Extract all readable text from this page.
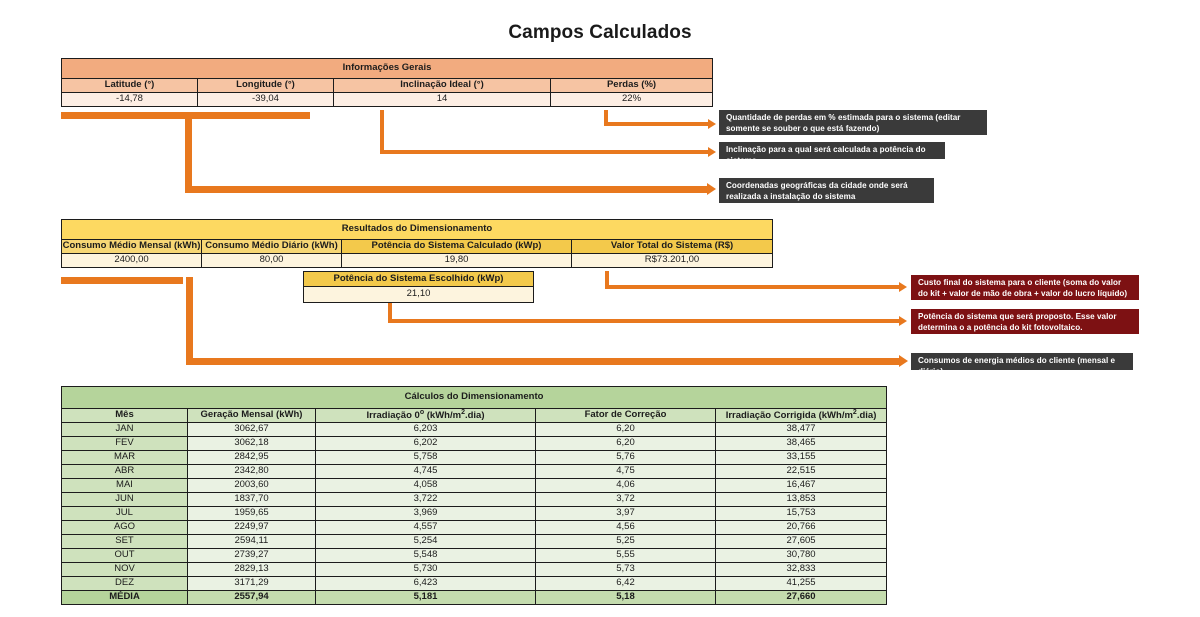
Campos Calculados
Informações Gerais			
Latitude (°)	Longitude (°)	Inclinação Ideal (°)	Perdas (%)
-14,78	-39,04	14	22%
Quantidade de perdas em % estimada para o sistema (editar somente se souber o que está fazendo)
Inclinação para a qual será calculada a potência do sistema
Coordenadas geográficas da cidade onde será realizada a instalação do sistema
Resultados do Dimensionamento			
Consumo Médio Mensal (kWh)	Consumo Médio Diário (kWh)	Potência do Sistema Calculado (kWp)	Valor Total do Sistema (R$)
2400,00	80,00	19,80	R$73.201,00
Potência do Sistema Escolhido (kWp)
21,10
Custo final do sistema para o cliente (soma do valor do kit + valor de mão de obra + valor do lucro líquido)
Potência do sistema que será proposto. Esse valor determina o a potência do kit fotovoltaico.
Consumos de energia médios do cliente (mensal e diário)
Cálculos do Dimensionamento				
Mês	Geração Mensal (kWh)	Irradiação 0$^o$ $(kWh/m^2.dia)$	Fator de Correção	Irradiação Corrigida $(kWh/m^2.dia)$
JAN	3062,67	6,203	6,20	38,477
FEV	3062,18	6,202	6,20	38,465
MAR	2842,95	5,758	5,76	33,155
ABR	2342,80	4,745	4,75	22,515
MAI	2003,60	4,058	4,06	16,467
JUN	1837,70	3,722	3,72	13,853
JUL	1959,65	3,969	3,97	15,753
AGO	2249,97	4,557	4,56	20,766
SET	2594,11	5,254	5,25	27,605
OUT	2739,27	5,548	5,55	30,780
NOV	2829,13	5,730	5,73	32,833
DEZ	3171,29	6,423	6,42	41,255
MÉDIA	2557,94	5,181	5,18	27,660
